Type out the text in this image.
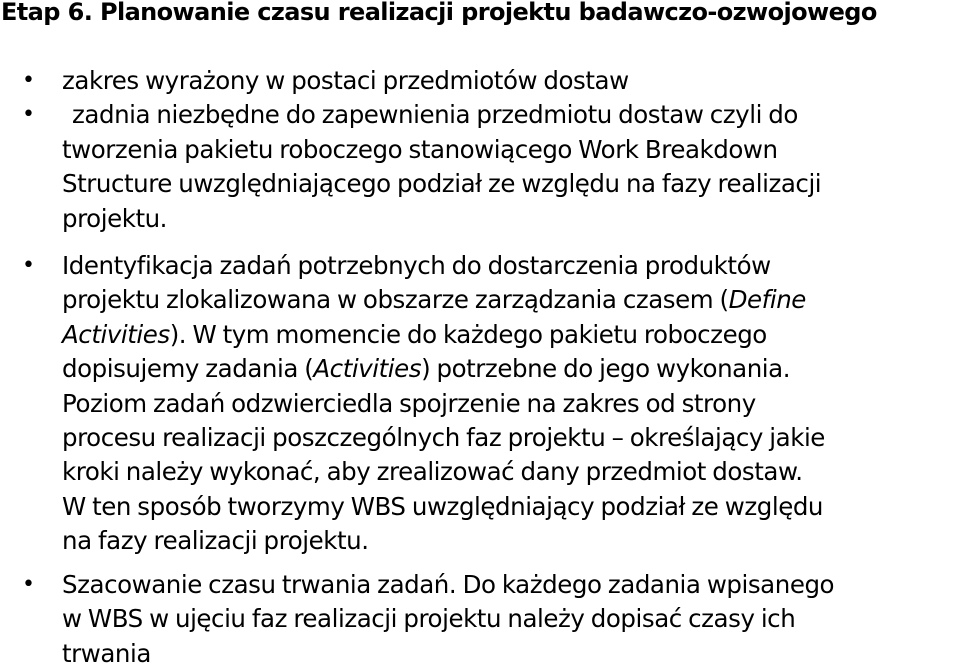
Etap 6. Planowanie czasu realizacji projektu badawczo-ozwojowego
•	zakres wyrażony w postaci przedmiotów dostaw
•	zadnia niezbędne do zapewnienia przedmiotu dostaw czyli do
tworzenia pakietu roboczego stanowiącego Work Breakdown
Structure uwzględniającego podział ze względu na fazy realizacji
projektu.
•	Identyfikacja zadań potrzebnych do dostarczenia produktów
projektu zlokalizowana w obszarze zarządzania czasem (Define
Activities). W tym momencie do każdego pakietu roboczego
dopisujemy zadania (Activities) potrzebne do jego wykonania.
Poziom zadań odzwierciedla spojrzenie na zakres od strony
procesu realizacji poszczególnych faz projektu – określający jakie
kroki należy wykonać, aby zrealizować dany przedmiot dostaw.
W ten sposób tworzymy WBS uwzględniający podział ze względu
na fazy realizacji projektu.
•	Szacowanie czasu trwania zadań. Do każdego zadania wpisanego
w WBS w ujęciu faz realizacji projektu należy dopisać czasy ich
trwania
